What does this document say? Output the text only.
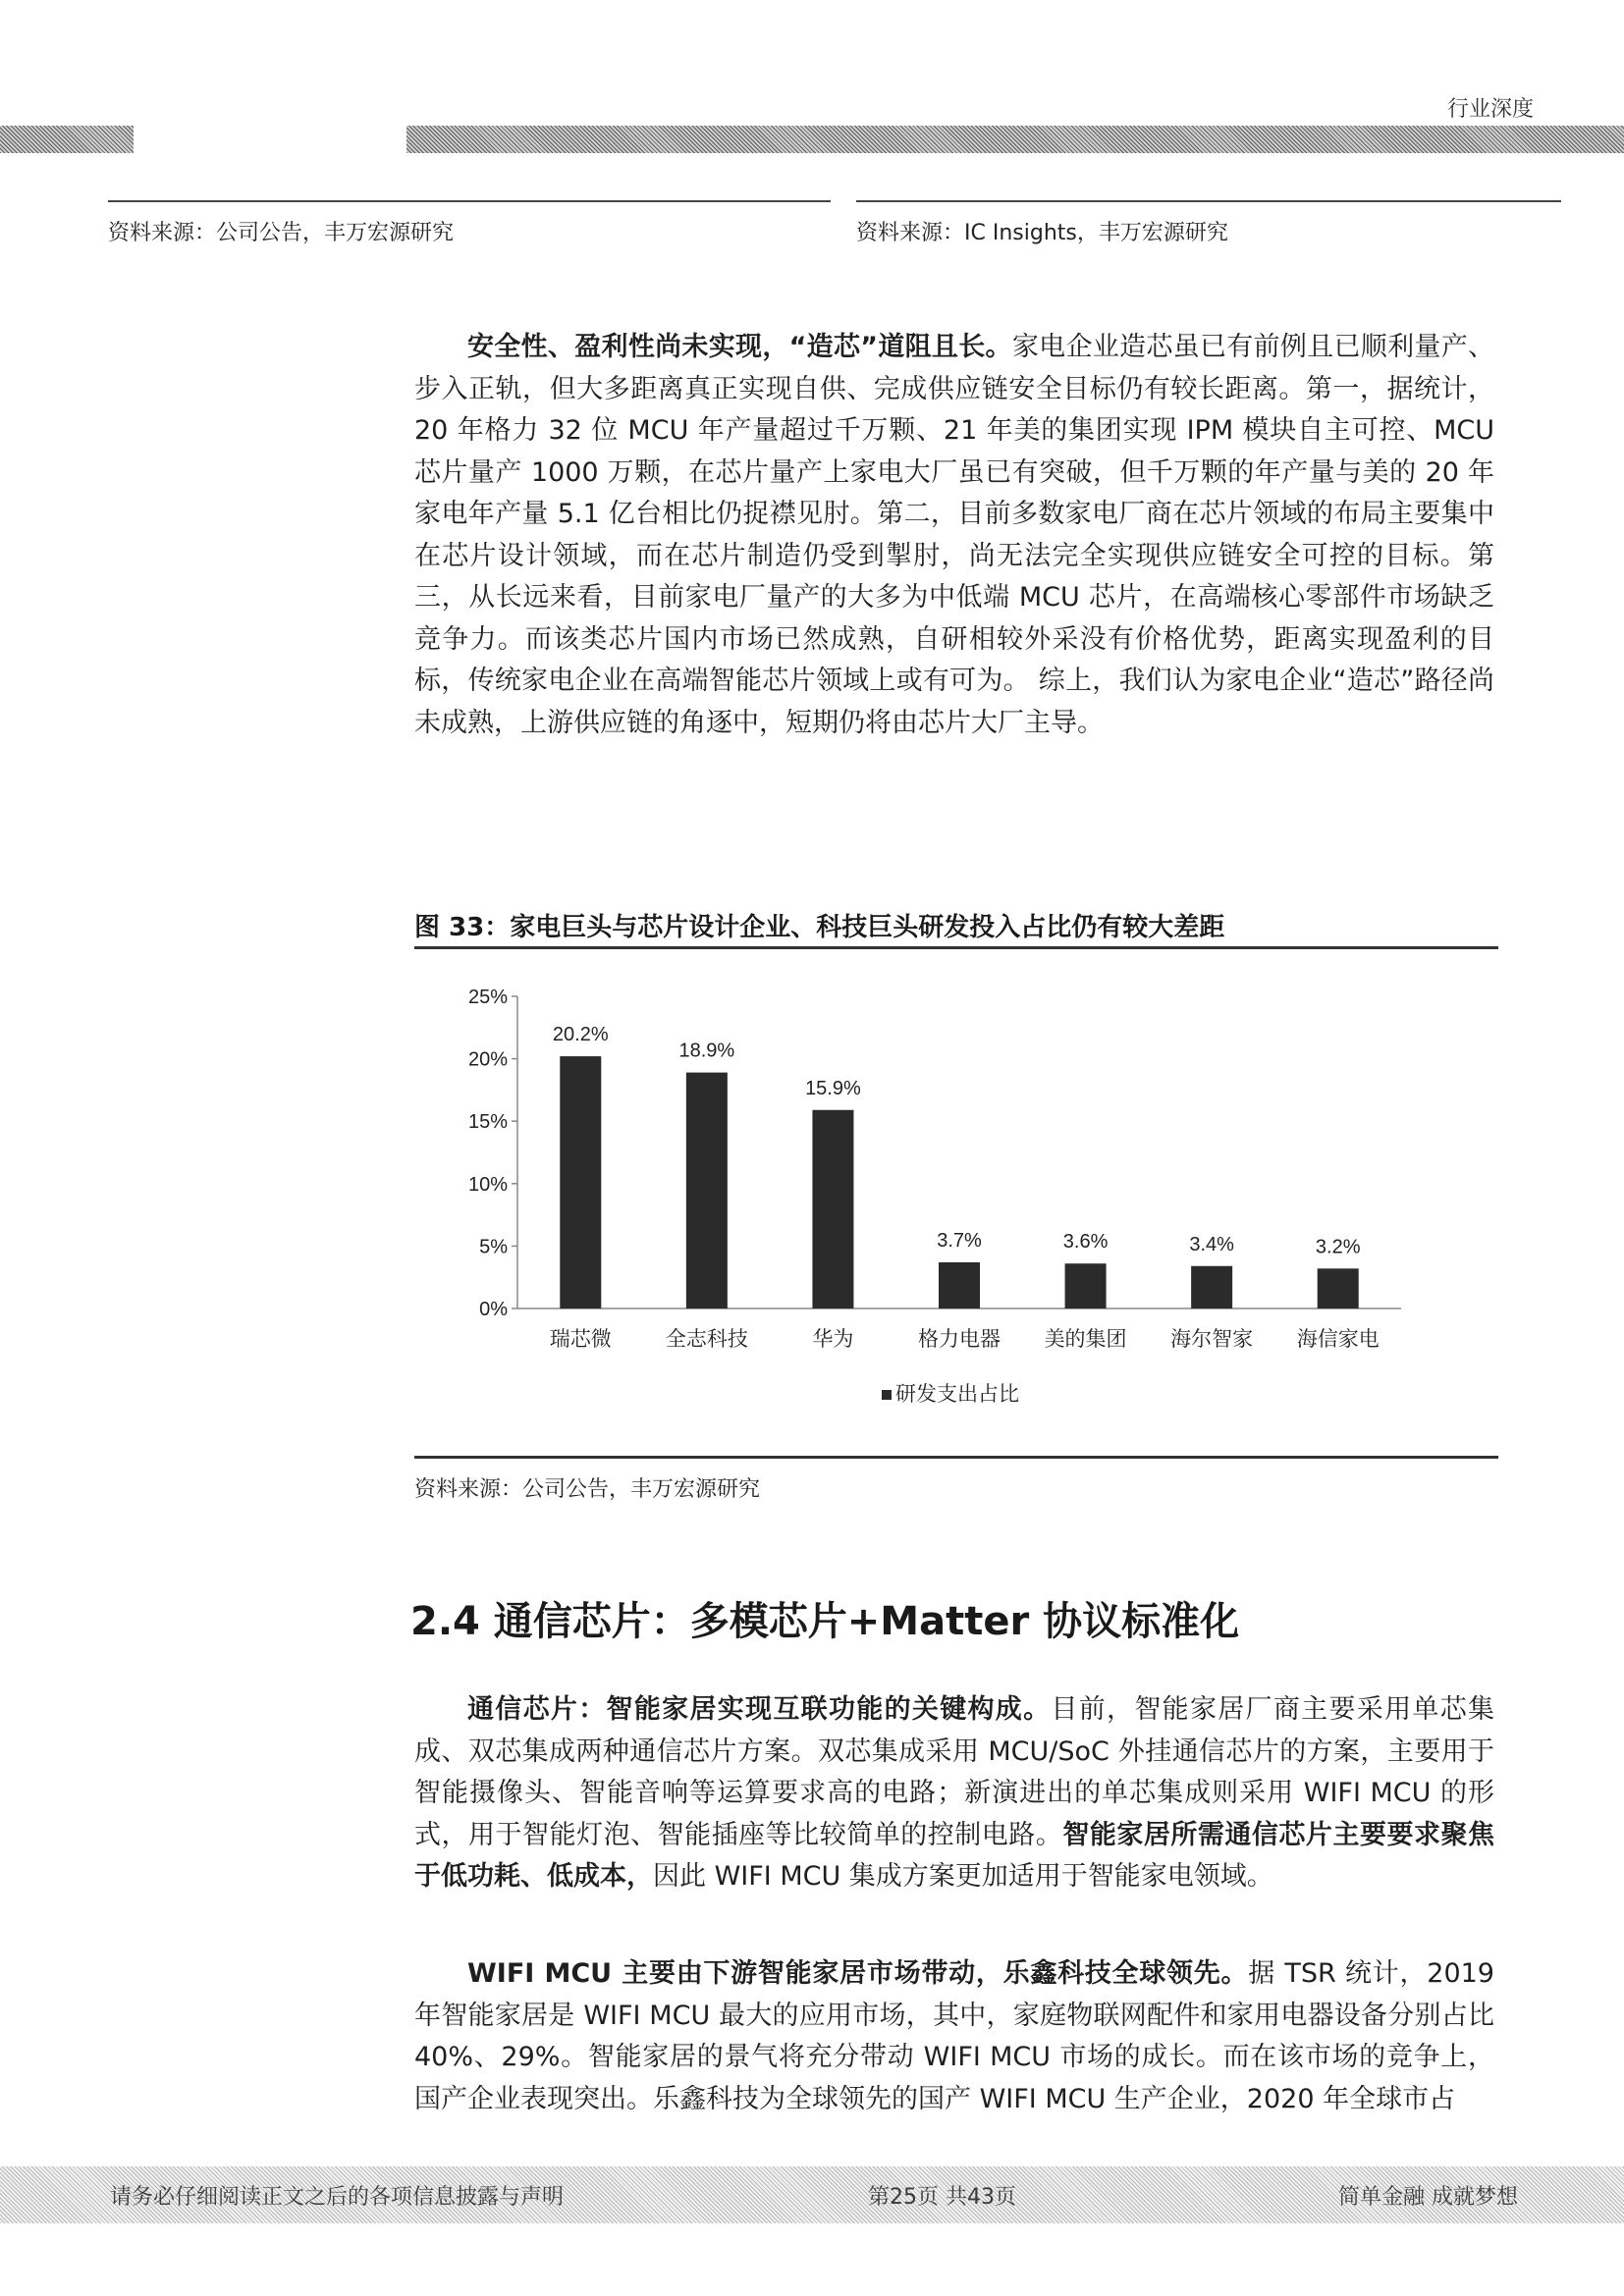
行业深度
资料来源：公司公告，丰万宏源研究	资料来源：IC Insights，丰万宏源研究

安全性、盈利性尚未实现，“造芯”道阻且长。家电企业造芯虽已有前例且已顺利量产、步入正轨，但大多距离真正实现自供、完成供应链安全目标仍有较长距离。第一，据统计，20 年格力 32 位 MCU 年产量超过千万颗、21 年美的集团实现 IPM 模块自主可控、MCU 芯片量产 1000 万颗，在芯片量产上家电大厂虽已有突破，但千万颗的年产量与美的 20 年家电年产量 5.1 亿台相比仍捉襟见肘。第二，目前多数家电厂商在芯片领域的布局主要集中在芯片设计领域，而在芯片制造仍受到掣肘，尚无法完全实现供应链安全可控的目标。第三，从长远来看，目前家电厂量产的大多为中低端 MCU 芯片，在高端核心零部件市场缺乏竞争力。而该类芯片国内市场已然成熟，自研相较外采没有价格优势，距离实现盈利的目标，传统家电企业在高端智能芯片领域上或有可为。 综上，我们认为家电企业“造芯”路径尚未成熟，上游供应链的角逐中，短期仍将由芯片大厂主导。

图 33：家电巨头与芯片设计企业、科技巨头研发投入占比仍有较大差距
0%
5%
10%
15%
20%
25%
20.2%
18.9%
15.9%
3.7%	3.6%	3.4%	3.2%
瑞芯微	全志科技	华为	格力电器 美的集团 海尔智家 海信家电
研发支出占比
资料来源：公司公告，丰万宏源研究
2.4 通信芯片：多模芯片+Matter 协议标准化

通信芯片：智能家居实现互联功能的关键构成。目前，智能家居厂商主要采用单芯集成、双芯集成两种通信芯片方案。双芯集成采用 MCU/SoC 外挂通信芯片的方案，主要用于智能摄像头、智能音响等运算要求高的电路；新演进出的单芯集成则采用 WIFI MCU 的形式，用于智能灯泡、智能插座等比较简单的控制电路。智能家居所需通信芯片主要要求聚焦于低功耗、低成本，因此 WIFI MCU 集成方案更加适用于智能家电领域。

WIFI MCU 主要由下游智能家居市场带动，乐鑫科技全球领先。据 TSR 统计，2019 年智能家居是 WIFI MCU 最大的应用市场，其中，家庭物联网配件和家用电器设备分别占比 40%、29%。智能家居的景气将充分带动 WIFI MCU 市场的成长。而在该市场的竞争上，国产企业表现突出。乐鑫科技为全球领先的国产 WIFI MCU 生产企业，2020 年全球市占

请务必仔细阅读正文之后的各项信息披露与声明	第25页 共43页	简单金融 成就梦想
